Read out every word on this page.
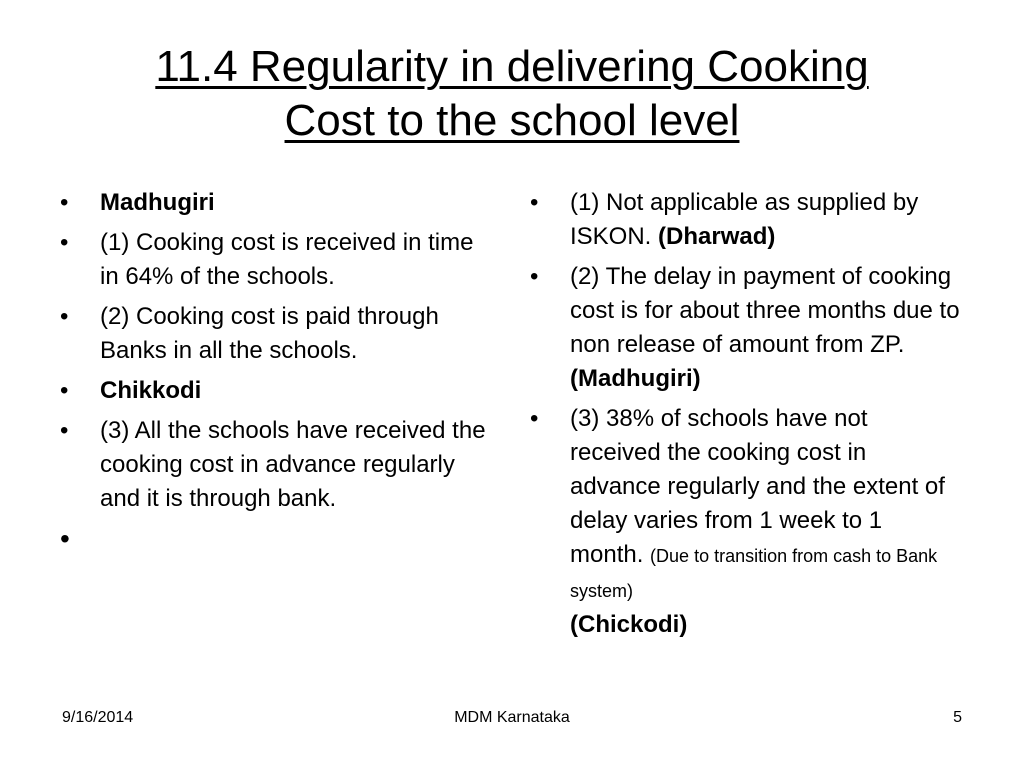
11.4 Regularity in delivering Cooking
Cost to the school level
•	Madhugiri
•	(1) Cooking cost is received in time in 64% of the schools.
•	(2) Cooking cost is paid through Banks in all the schools.
•	Chikkodi
•	(3) All the schools have received the cooking cost in advance regularly and it is through bank.
•
•	(1) Not applicable as supplied by ISKON. (Dharwad)
•	(2) The delay in payment of cooking cost is for about three months due to non release of amount from ZP. (Madhugiri)
•	(3) 38% of schools have not received the cooking cost in advance regularly and the extent of delay varies from 1 week to 1 month. (Due to transition from cash to Bank system)
(Chickodi)
MDM Karnataka
9/16/2014	5
